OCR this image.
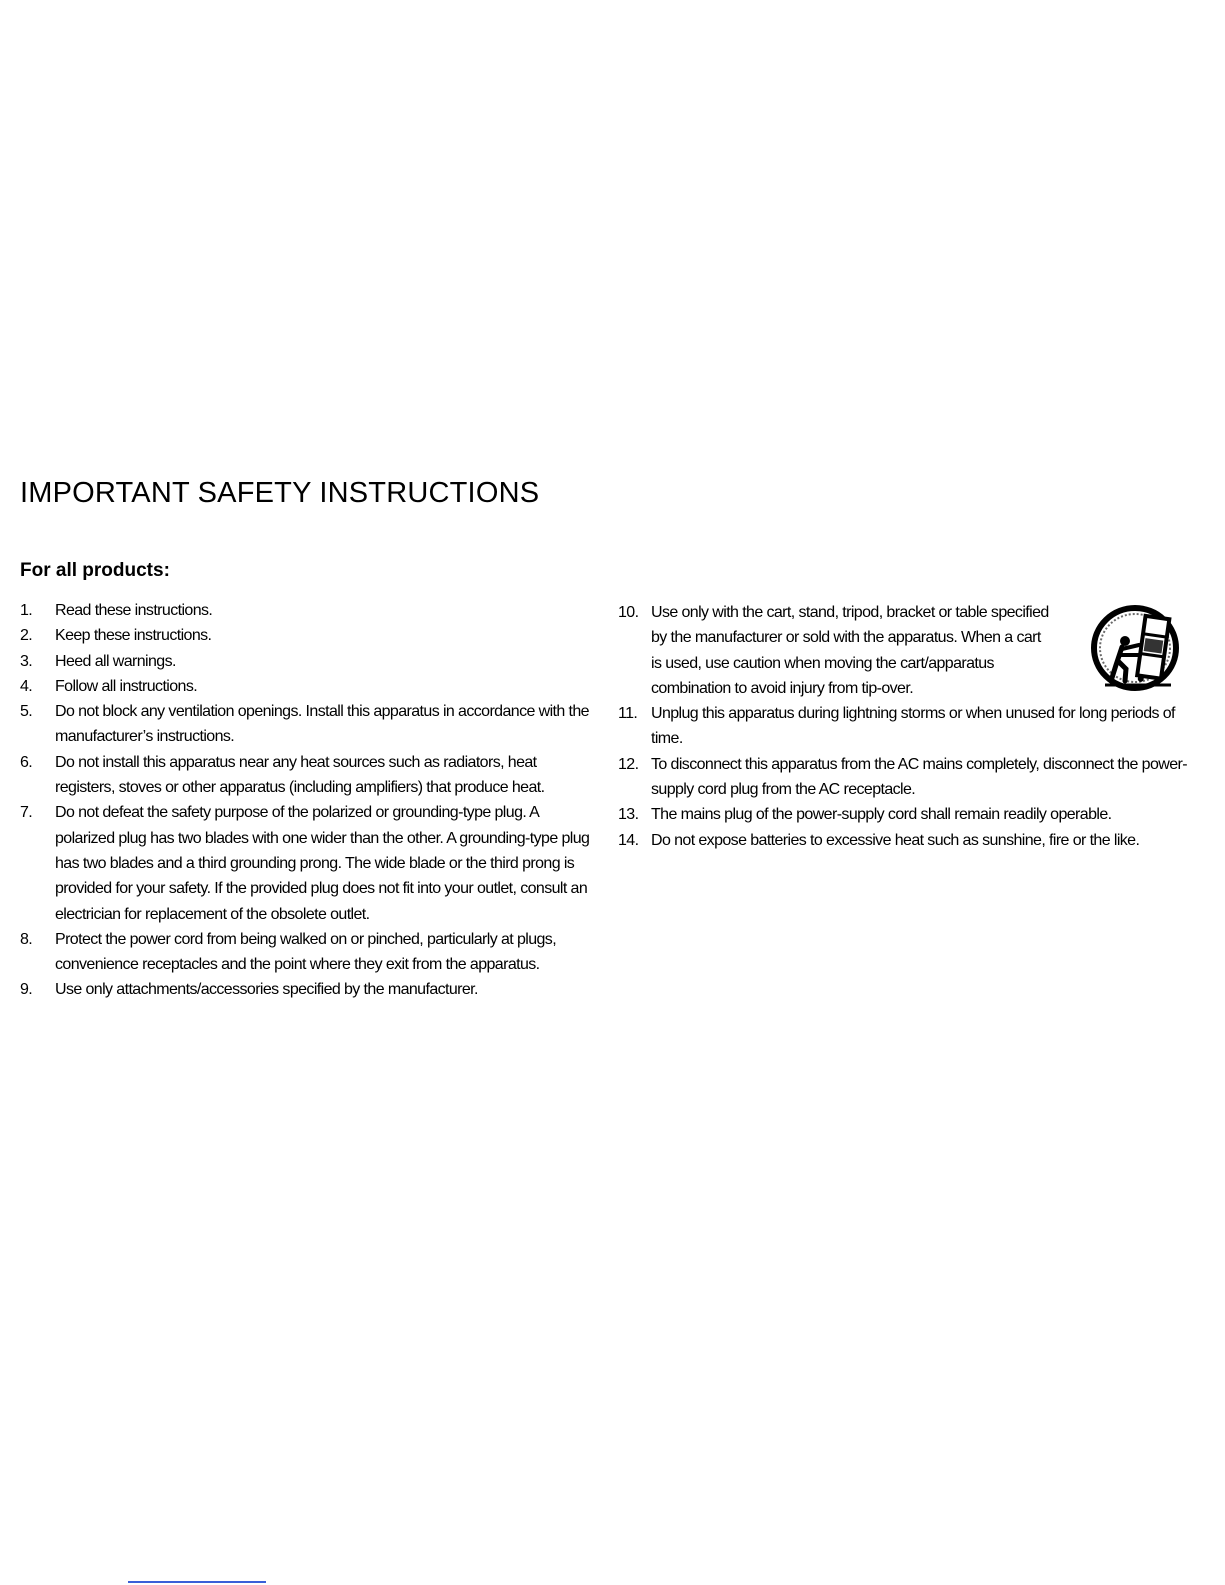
IMPORTANT SAFETY INSTRUCTIONS
For all products:
1.	Read these instructions.
2.	Keep these instructions.
3.	Heed all warnings.
4.	Follow all instructions.
5.	Do not block any ventilation openings. Install this apparatus in accordance with the manufacturer’s instructions.
6.	Do not install this apparatus near any heat sources such as radiators, heat registers, stoves or other apparatus (including amplifiers) that produce heat.
7.	Do not defeat the safety purpose of the polarized or grounding-type plug. A polarized plug has two blades with one wider than the other. A grounding-type plug has two blades and a third grounding prong. The wide blade or the third prong is provided for your safety. If the provided plug does not fit into your outlet, consult an electrician for replacement of the obsolete outlet.
8.	Protect the power cord from being walked on or pinched, particularly at plugs, convenience receptacles and the point where they exit from the apparatus.
9.	Use only attachments/accessories specified by the manufacturer.
10. Use only with the cart, stand, tripod, bracket or table specified by the manufacturer or sold with the apparatus. When a cart is used, use caution when moving the cart/apparatus combination to avoid injury from tip-over.
11. Unplug this apparatus during lightning storms or when unused for long periods of time.
12. To disconnect this apparatus from the AC mains completely, disconnect the power-supply cord plug from the AC receptacle.
13. The mains plug of the power-supply cord shall remain readily operable.
14. Do not expose batteries to excessive heat such as sunshine, fire or the like.
